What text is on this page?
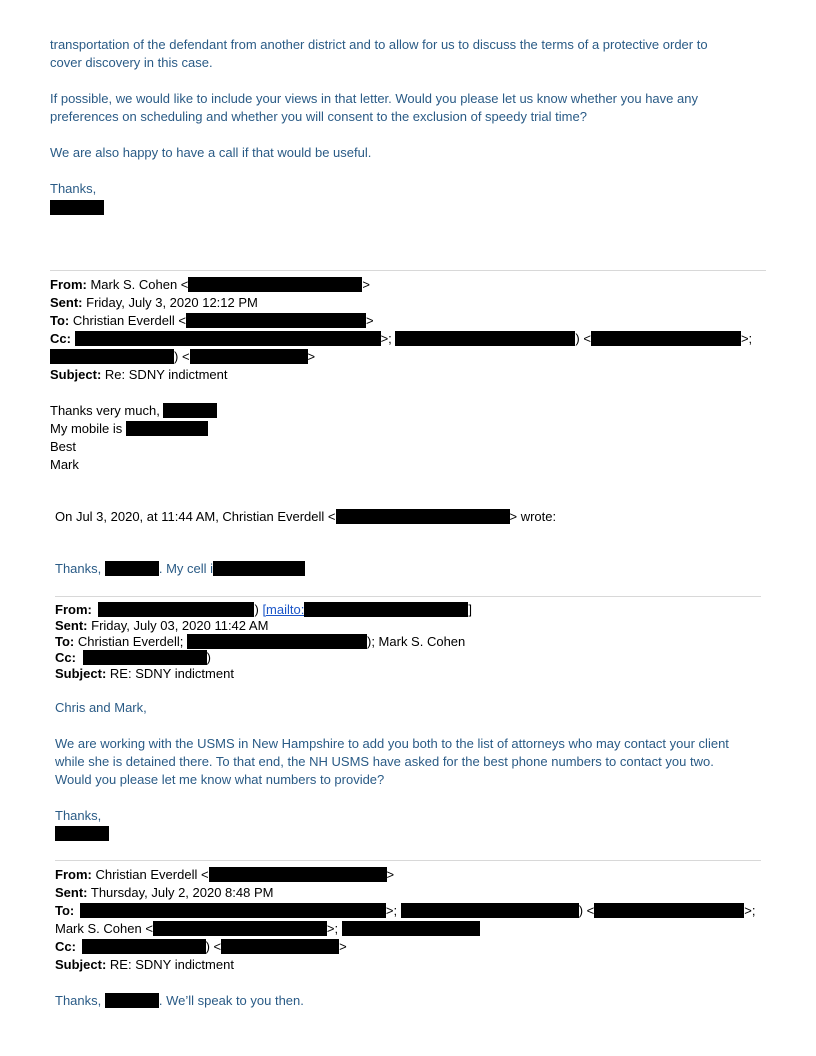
transportation of the defendant from another district and to allow for us to discuss the terms of a protective order to
cover discovery in this case.
If possible, we would like to include your views in that letter. Would you please let us know whether you have any
preferences on scheduling and whether you will consent to the exclusion of speedy trial time?
We are also happy to have a call if that would be useful.
Thanks,
From: Mark S. Cohen <	>
Sent: Friday, July 3, 2020 12:12 PM
To: Christian Everdell <	>
Cc:	>;	) <	>;
) <	>
Subject: Re: SDNY indictment
Thanks very much,
My mobile is
Best
Mark
On Jul 3, 2020, at 11:44 AM, Christian Everdell <	> wrote:
Thanks,	. My cell i
From:	) [mailto:	]
Sent: Friday, July 03, 2020 11:42 AM
To: Christian Everdell;	); Mark S. Cohen
Cc:	)
Subject: RE: SDNY indictment
Chris and Mark,
We are working with the USMS in New Hampshire to add you both to the list of attorneys who may contact your client
while she is detained there. To that end, the NH USMS have asked for the best phone numbers to contact you two.
Would you please let me know what numbers to provide?
Thanks,
From: Christian Everdell <	>
Sent: Thursday, July 2, 2020 8:48 PM
To:	>;	) <	>;
Mark S. Cohen <	>;
Cc:	) <	>
Subject: RE: SDNY indictment
Thanks,	. We’ll speak to you then.
